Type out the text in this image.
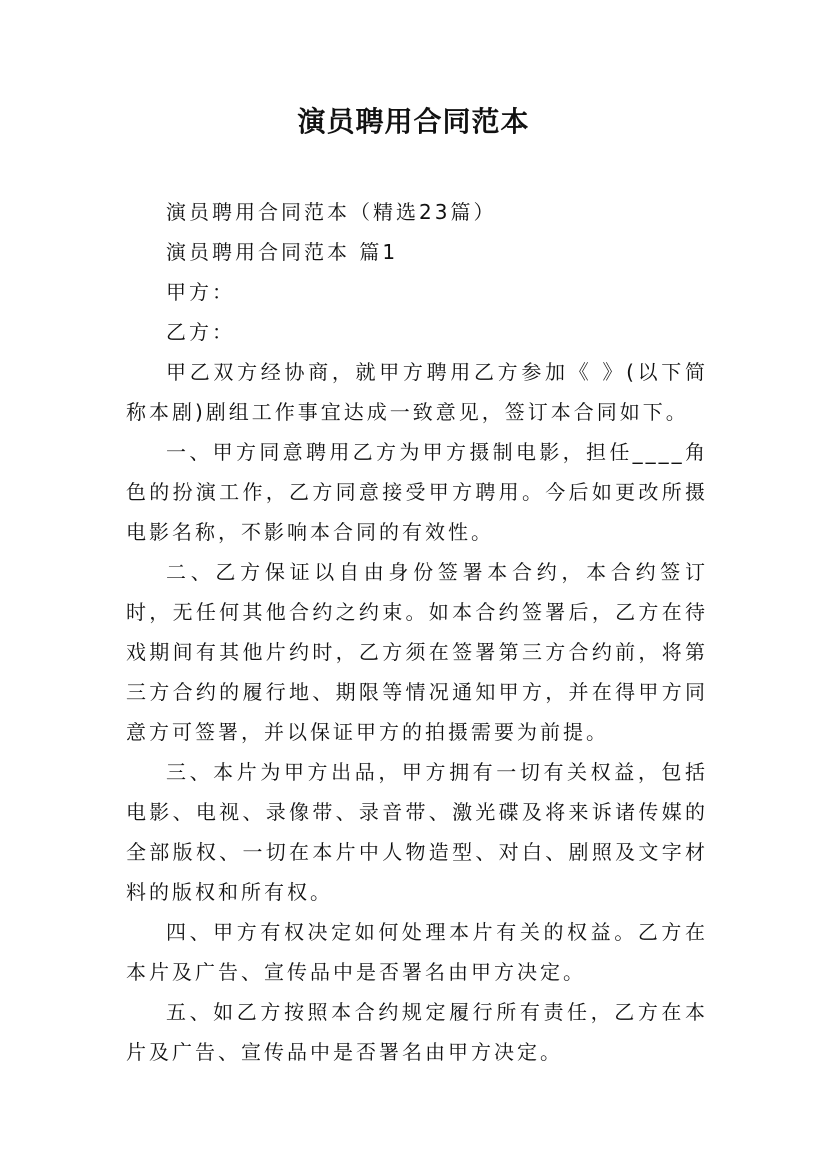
演员聘用合同范本

演员聘用合同范本（精选23篇）

演员聘用合同范本 篇1

甲方：

乙方：

甲乙双方经协商，就甲方聘用乙方参加《 》(以下简称本剧)剧组工作事宜达成一致意见，签订本合同如下。

一、甲方同意聘用乙方为甲方摄制电影，担任____角色的扮演工作，乙方同意接受甲方聘用。今后如更改所摄电影名称，不影响本合同的有效性。

二、乙方保证以自由身份签署本合约，本合约签订时，无任何其他合约之约束。如本合约签署后，乙方在待戏期间有其他片约时，乙方须在签署第三方合约前，将第三方合约的履行地、期限等情况通知甲方，并在得甲方同意方可签署，并以保证甲方的拍摄需要为前提。

三、本片为甲方出品，甲方拥有一切有关权益，包括电影、电视、录像带、录音带、激光碟及将来诉诸传媒的全部版权、一切在本片中人物造型、对白、剧照及文字材料的版权和所有权。

四、甲方有权决定如何处理本片有关的权益。乙方在本片及广告、宣传品中是否署名由甲方决定。

五、如乙方按照本合约规定履行所有责任，乙方在本片及广告、宣传品中是否署名由甲方决定。
